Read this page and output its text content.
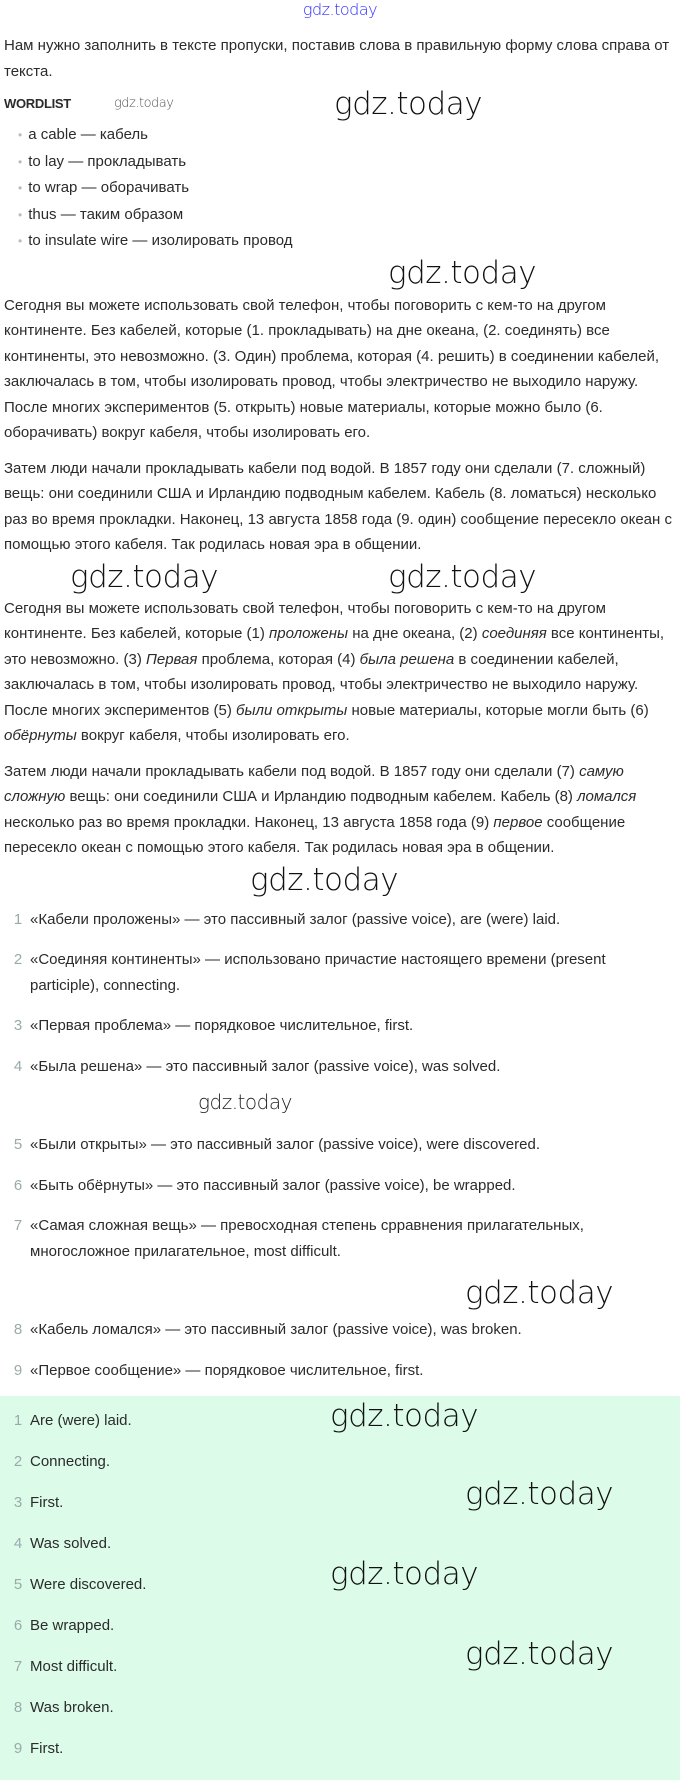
gdz.today

Нам нужно заполнить в тексте пропуски, поставив слова в правильную форму слова справа от текста.

WORDLIST	gdz.today	gdz.today
• a cable — кабель
• to lay — прокладывать
• to wrap — оборачивать
• thus — таким образом
• to insulate wire — изолировать провод
gdz.today

Сегодня вы можете использовать свой телефон, чтобы поговорить с кем-то на другом континенте. Без кабелей, которые (1. прокладывать) на дне океана, (2. соединять) все континенты, это невозможно. (3. Один) проблема, которая (4. решить) в соединении кабелей, заключалась в том, чтобы изолировать провод, чтобы электричество не выходило наружу. После многих экспериментов (5. открыть) новые материалы, которые можно было (6. оборачивать) вокруг кабеля, чтобы изолировать его.

Затем люди начали прокладывать кабели под водой. В 1857 году они сделали (7. сложный) вещь: они соединили США и Ирландию подводным кабелем. Кабель (8. ломаться) несколько раз во время прокладки. Наконец, 13 августа 1858 года (9. один) сообщение пересекло океан с помощью этого кабеля. Так родилась новая эра в общении.

gdz.today	gdz.today

Сегодня вы можете использовать свой телефон, чтобы поговорить с кем-то на другом континенте. Без кабелей, которые (1) проложены на дне океана, (2) соединяя все континенты, это невозможно. (3) Первая проблема, которая (4) была решена в соединении кабелей, заключалась в том, чтобы изолировать провод, чтобы электричество не выходило наружу. После многих экспериментов (5) были открыты новые материалы, которые могли быть (6) обёрнуты вокруг кабеля, чтобы изолировать его.

Затем люди начали прокладывать кабели под водой. В 1857 году они сделали (7) самую сложную вещь: они соединили США и Ирландию подводным кабелем. Кабель (8) ломался несколько раз во время прокладки. Наконец, 13 августа 1858 года (9) первое сообщение пересекло океан с помощью этого кабеля. Так родилась новая эра в общении.

gdz.today
1 «Кабели проложены» — это пассивный залог (passive voice), are (were) laid.
2 «Соединяя континенты» — использовано причастие настоящего времени (present participle), connecting.
3 «Первая проблема» — порядковое числительное, first.
4 «Была решена» — это пассивный залог (passive voice), was solved.
gdz.today
5 «Были открыты» — это пассивный залог (passive voice), were discovered.
6 «Быть обёрнуты» — это пассивный залог (passive voice), be wrapped.
7 «Самая сложная вещь» — превосходная степень срравнения прилагательных, многосложное прилагательное, most difficult.
gdz.today
8 «Кабель ломался» — это пассивный залог (passive voice), was broken.
9 «Первое сообщение» — порядковое числительное, first.
1 Are (were) laid.
2 Connecting.
3 First.
4 Was solved.
5 Were discovered.
6 Be wrapped.
7 Most difficult.
8 Was broken.
9 First.
gdz.today
gdz.today
gdz.today
gdz.today
